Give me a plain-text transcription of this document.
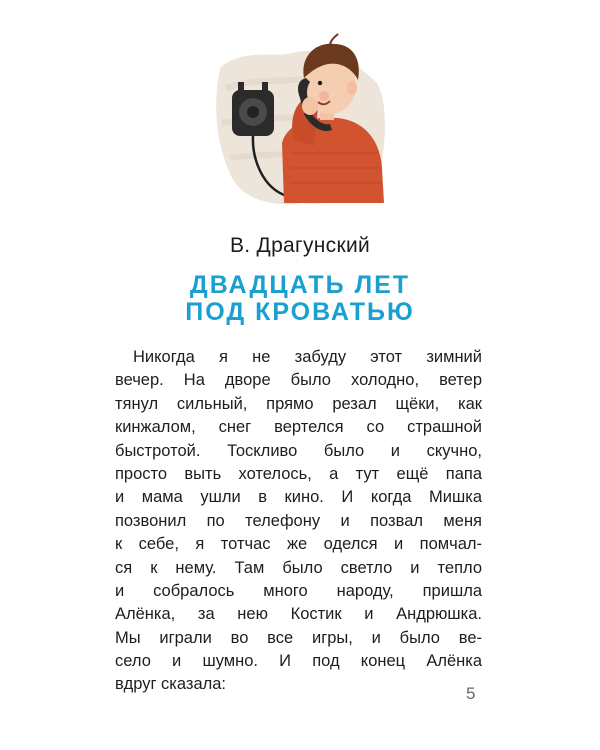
В. Драгунский
ДВАДЦАТЬ ЛЕТ
ПОД КРОВАТЬЮ
Никогда я не забуду этот зимний
вечер. На дворе было холодно, ветер
тянул сильный, прямо резал щёки, как
кинжалом, снег вертелся со страшной
быстротой. Тоскливо было и скучно,
просто выть хотелось, а тут ещё папа
и мама ушли в кино. И когда Мишка
позвонил по телефону и позвал меня
к себе, я тотчас же оделся и помчал-
ся к нему. Там было светло и тепло
и собралось много народу, пришла
Алёнка, за нею Костик и Андрюшка.
Мы играли во все игры, и было ве-
село и шумно. И под конец Алёнка
вдруг сказала:	5
